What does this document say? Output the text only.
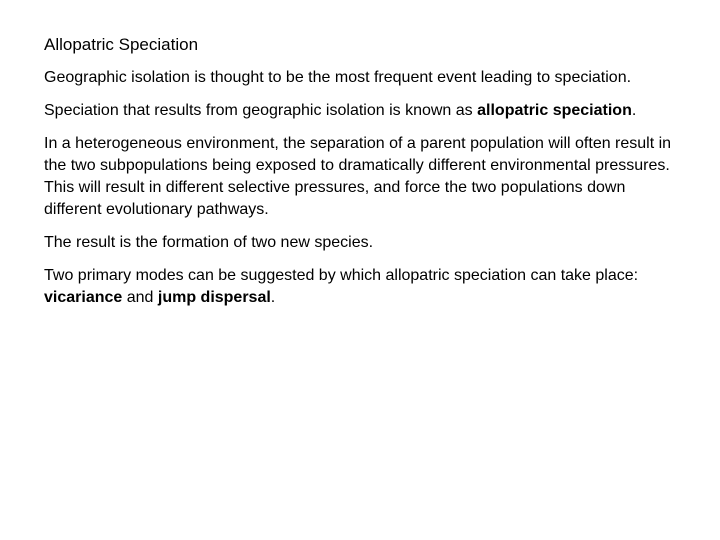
Allopatric Speciation

Geographic isolation is thought to be the most frequent event leading to speciation.

Speciation that results from geographic isolation is known as allopatric speciation.

In a heterogeneous environment, the separation of a parent population will often result in the two subpopulations being exposed to dramatically different environmental pressures. This will result in different selective pressures, and force the two populations down different evolutionary pathways.

The result is the formation of two new species.

Two primary modes can be suggested by which allopatric speciation can take place: vicariance and jump dispersal.
